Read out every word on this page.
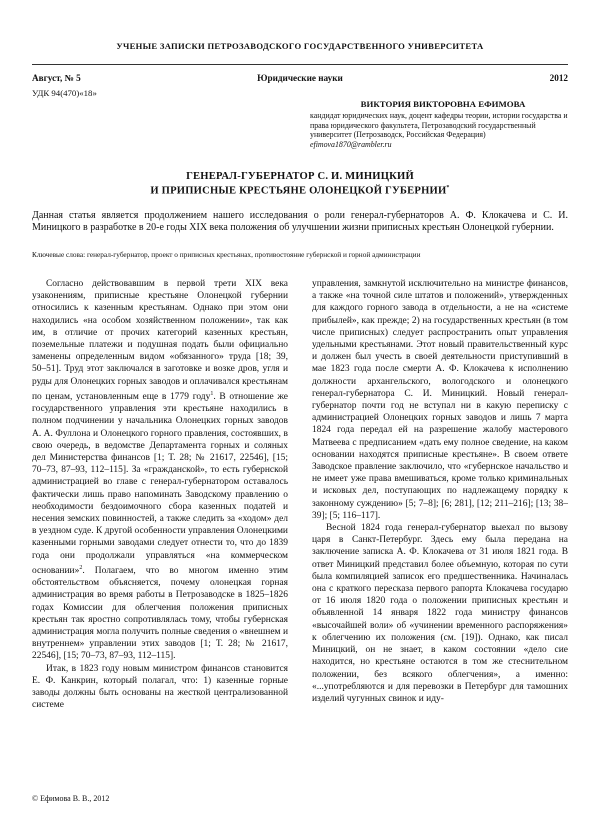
УЧЕНЫЕ ЗАПИСКИ ПЕТРОЗАВОДСКОГО ГОСУДАРСТВЕННОГО УНИВЕРСИТЕТА
Август, № 5	Юридические науки	2012
УДК 94(470)«18»
ВИКТОРИЯ ВИКТОРОВНА ЕФИМОВА
кандидат юридических наук, доцент кафедры теории, истории государства и права юридического факультета, Петрозаводский государственный университет (Петрозаводск, Российская Федерация)
efimova1870@rambler.ru
ГЕНЕРАЛ-ГУБЕРНАТОР С. И. МИНИЦКИЙ
И ПРИПИСНЫЕ КРЕСТЬЯНЕ ОЛОНЕЦКОЙ ГУБЕРНИИ*
Данная статья является продолжением нашего исследования о роли генерал-губернаторов А. Ф. Клокачева и С. И. Миницкого в разработке в 20-е годы XIX века положения об улучшении жизни приписных крестьян Олонецкой губернии.
Ключевые слова: генерал-губернатор, проект о приписных крестьянах, противостояние губернской и горной администрации

Согласно действовавшим в первой трети XIX века узаконениям, приписные крестьяне Олонецкой губернии относились к казенным крестьянам. Однако при этом они находились «на особом хозяйственном положении», так как им, в отличие от прочих категорий казенных крестьян, поземельные платежи и подушная подать были официально заменены определенным видом «обязанного» труда [18; 39, 50–51]. Труд этот заключался в заготовке и возке дров, угля и руды для Олонецких горных заводов и оплачивался крестьянам по ценам, установленным еще в 1779 году$^1$. В отношение же государственного управления эти крестьяне находились в полном подчинении у начальника Олонецких горных заводов А. А. Фуллона и Олонецкого горного правления, состоявших, в свою очередь, в ведомстве Департамента горных и соляных дел Министерства финансов [1; Т. 28; № 21617, 22546], [15; 70–73, 87–93, 112–115]. За «гражданской», то есть губернской администрацией во главе с генерал-губернатором оставалось фактически лишь право напоминать Заводскому правлению о необходимости бездоимочного сбора казенных податей и несения земских повинностей, а также следить за «ходом» дел в уездном суде. К другой особенности управления Олонецкими казенными горными заводами следует отнести то, что до 1839 года они продолжали управляться «на коммерческом основании»$^2$. Полагаем, что во многом именно этим обстоятельством объясняется, почему олонецкая горная администрация во время работы в Петрозаводске в 1825–1826 годах Комиссии для облегчения положения приписных крестьян так яростно сопротивлялась тому, чтобы губернская администрация могла получить полные сведения о «внешнем и внутреннем» управлении этих заводов [1; Т. 28; № 21617, 22546], [15; 70–73, 87–93, 112–115].

Итак, в 1823 году новым министром финансов становится Е. Ф. Канкрин, который полагал, что: 1) казенные горные заводы должны быть основаны на жесткой централизованной системе

управления, замкнутой исключительно на министре финансов, а также «на точной силе штатов и положений», утвержденных для каждого горного завода в отдельности, а не на «системе прибылей», как прежде; 2) на государственных крестьян (в том числе приписных) следует распространить опыт управления удельными крестьянами. Этот новый правительственный курс и должен был учесть в своей деятельности приступивший в мае 1823 года после смерти А. Ф. Клокачева к исполнению должности архангельского, вологодского и олонецкого генерал-губернатора С. И. Миницкий. Новый генерал-губернатор почти год не вступал ни в какую переписку с администрацией Олонецких горных заводов и лишь 7 марта 1824 года передал ей на разрешение жалобу мастерового Матвеева с предписанием «дать ему полное сведение, на каком основании находятся приписные крестьяне». В своем ответе Заводское правление заключило, что «губернское начальство и не имеет уже права вмешиваться, кроме только криминальных и исковых дел, поступающих по надлежащему порядку к законному суждению» [5; 7–8]; [6; 281], [12; 211–216]; [13; 38–39]; [5; 116–117].

Весной 1824 года генерал-губернатор выехал по вызову царя в Санкт-Петербург. Здесь ему была передана на заключение записка А. Ф. Клокачева от 31 июля 1821 года. В ответ Миницкий представил более объемную, которая по сути была компиляцией записок его предшественника. Начиналась она с краткого пересказа первого рапорта Клокачева государю от 16 июля 1820 года о положении приписных крестьян и объявленной 14 января 1822 года министру финансов «высочайшей воли» об «учинении временного распоряжения» к облегчению их положения (см. [19]). Однако, как писал Миницкий, он не знает, в каком состоянии «дело сие находится, но крестьяне остаются в том же стеснительном положении, без всякого облегчения», а именно: «...употребляются и для перевозки в Петербург для тамошних изделий чугунных свинок и иду-

© Ефимова В. В., 2012
